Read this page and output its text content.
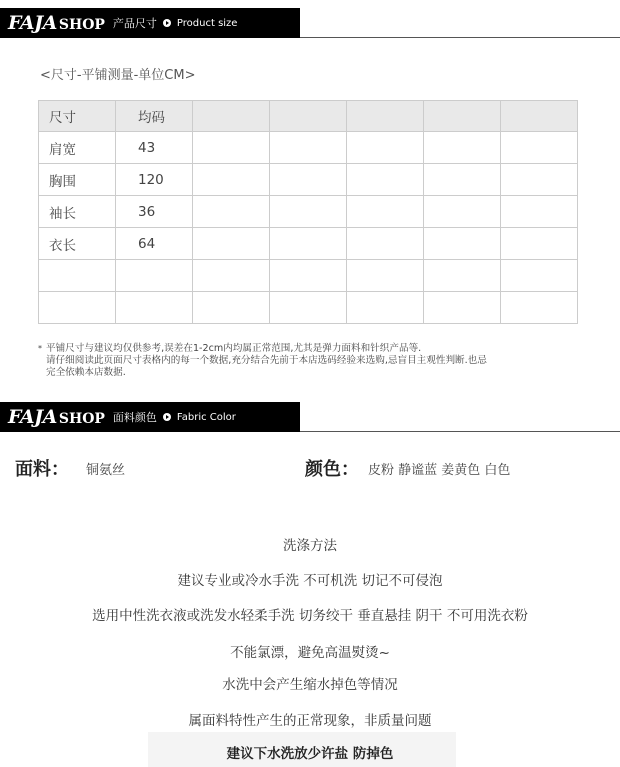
FAJA SHOP 产品尺寸 Product size
<尺寸-平铺测量-单位CM>
尺寸	均码					
肩宽	43					
胸围	120					
袖长	36					
衣长	64					

* 平铺尺寸与建议均仅供参考,误差在1-2cm内均属正常范围,尤其是弹力面料和针织产品等.
请仔细阅读此页面尺寸表格内的每一个数据,充分结合先前于本店选码经验来选购,忌盲目主观性判断.也忌
完全依赖本店数据.
FAJA SHOP 面料颜色 Fabric Color
面料： 铜氨丝	颜色： 皮粉 静谧蓝 姜黄色 白色
洗涤方法
建议专业或冷水手洗 不可机洗 切记不可侵泡
选用中性洗衣液或洗发水轻柔手洗 切务绞干 垂直悬挂 阴干 不可用洗衣粉
不能氯漂，避免高温熨烫~
水洗中会产生缩水掉色等情况
属面料特性产生的正常现象，非质量问题
建议下水洗放少许盐 防掉色
